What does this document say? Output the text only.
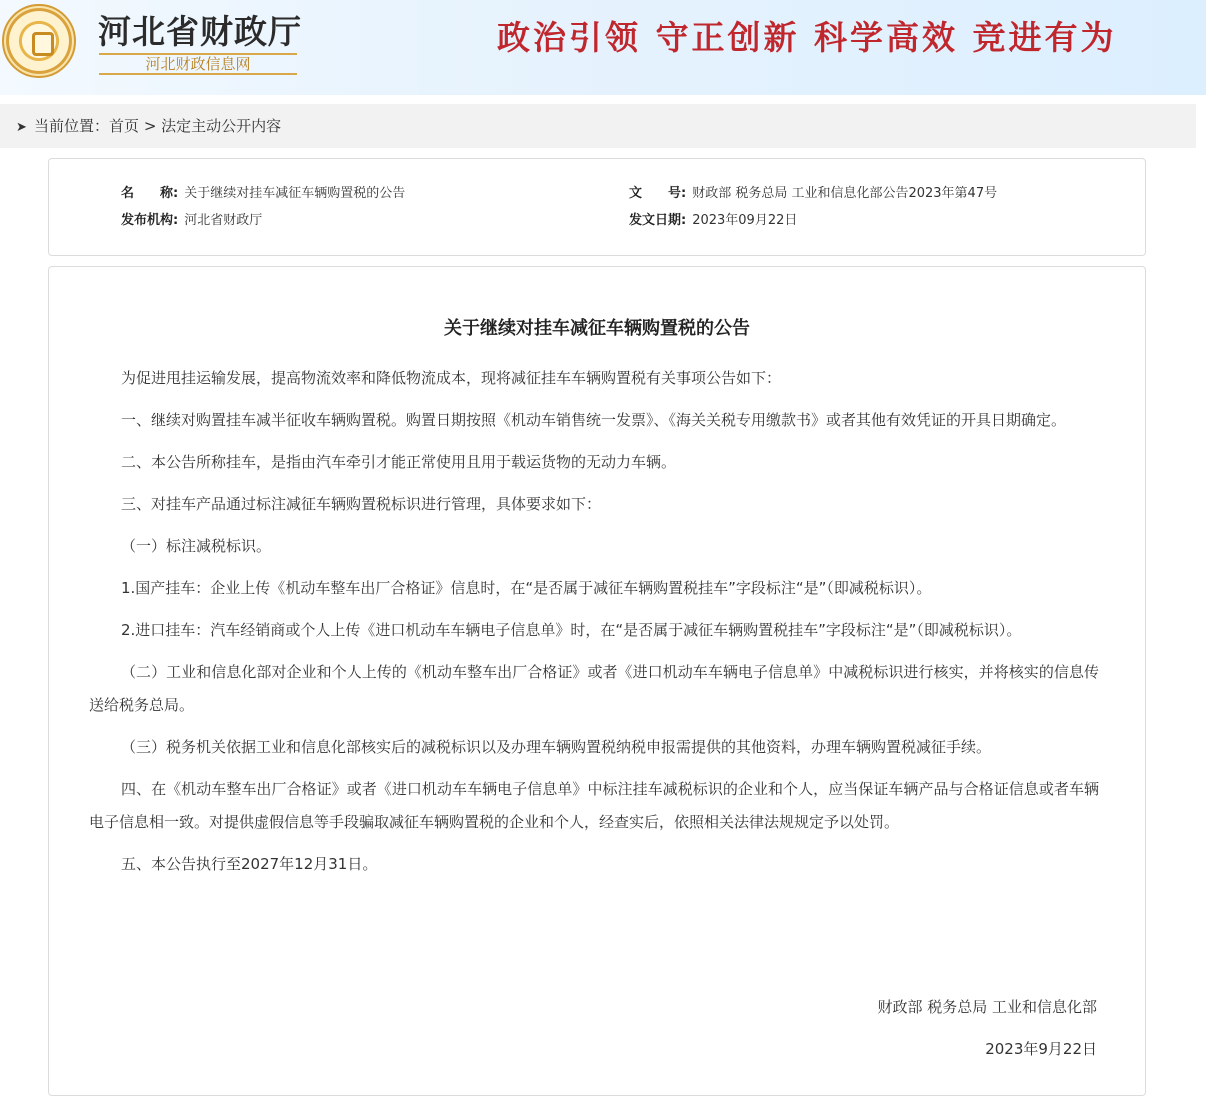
河北省财政厅
河北财政信息网
政治引领 守正创新 科学高效 竞进有为
➤ 当前位置：首页 > 法定主动公开内容
名　　称: 关于继续对挂车减征车辆购置税的公告	文　　号: 财政部 税务总局 工业和信息化部公告2023年第47号
发布机构: 河北省财政厅	发文日期: 2023年09月22日
关于继续对挂车减征车辆购置税的公告

为促进甩挂运输发展，提高物流效率和降低物流成本，现将减征挂车车辆购置税有关事项公告如下：

一、继续对购置挂车减半征收车辆购置税。购置日期按照《机动车销售统一发票》、《海关关税专用缴款书》或者其他有效凭证的开具日期确定。

二、本公告所称挂车，是指由汽车牵引才能正常使用且用于载运货物的无动力车辆。

三、对挂车产品通过标注减征车辆购置税标识进行管理，具体要求如下：

（一）标注减税标识。

1.国产挂车：企业上传《机动车整车出厂合格证》信息时，在“是否属于减征车辆购置税挂车”字段标注“是”（即减税标识）。

2.进口挂车：汽车经销商或个人上传《进口机动车车辆电子信息单》时，在“是否属于减征车辆购置税挂车”字段标注“是”（即减税标识）。

（二）工业和信息化部对企业和个人上传的《机动车整车出厂合格证》或者《进口机动车车辆电子信息单》中减税标识进行核实，并将核实的信息传送给税务总局。

（三）税务机关依据工业和信息化部核实后的减税标识以及办理车辆购置税纳税申报需提供的其他资料，办理车辆购置税减征手续。

四、在《机动车整车出厂合格证》或者《进口机动车车辆电子信息单》中标注挂车减税标识的企业和个人，应当保证车辆产品与合格证信息或者车辆电子信息相一致。对提供虚假信息等手段骗取减征车辆购置税的企业和个人，经查实后，依照相关法律法规规定予以处罚。

五、本公告执行至2027年12月31日。

财政部 税务总局 工业和信息化部
2023年9月22日
